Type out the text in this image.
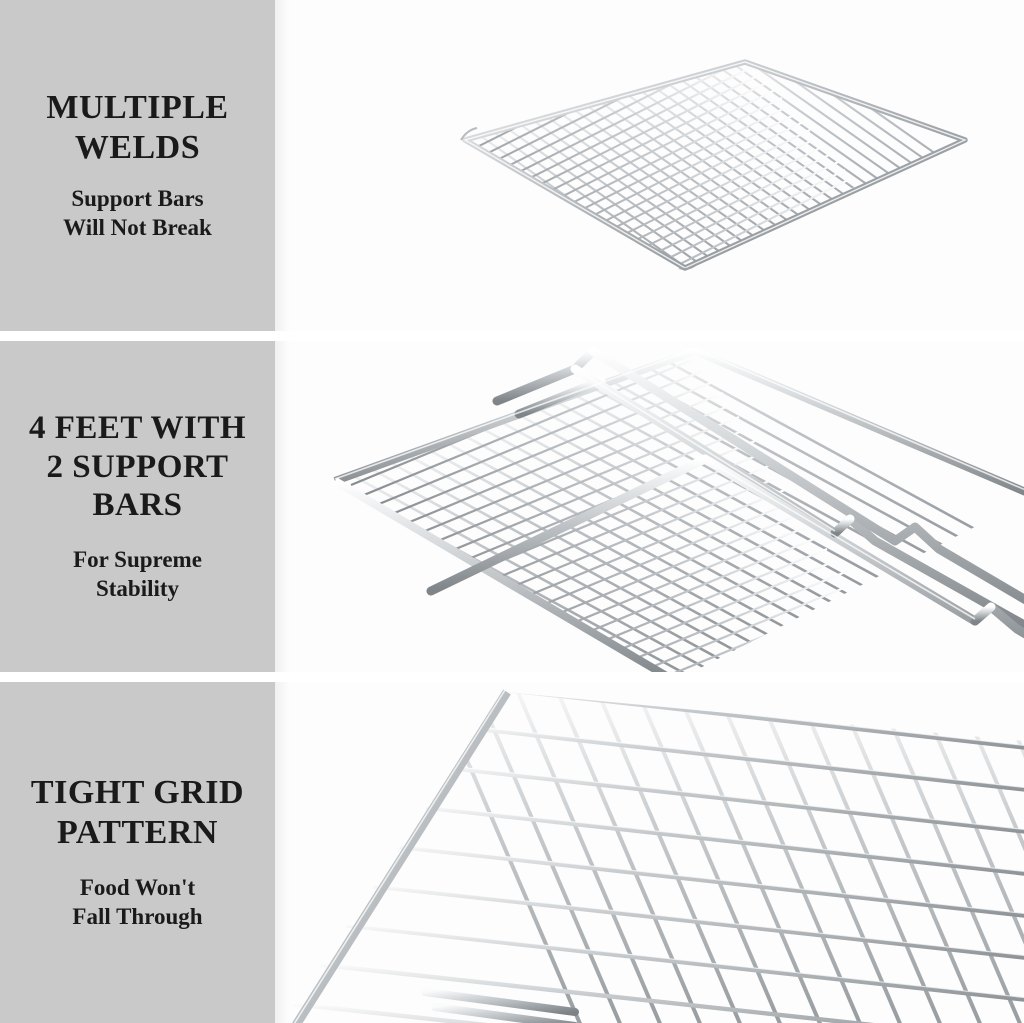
MULTIPLE
WELDS
Support Bars
Will Not Break
4 FEET WITH
2 SUPPORT
BARS
For Supreme
Stability
TIGHT GRID
PATTERN
Food Won't
Fall Through
